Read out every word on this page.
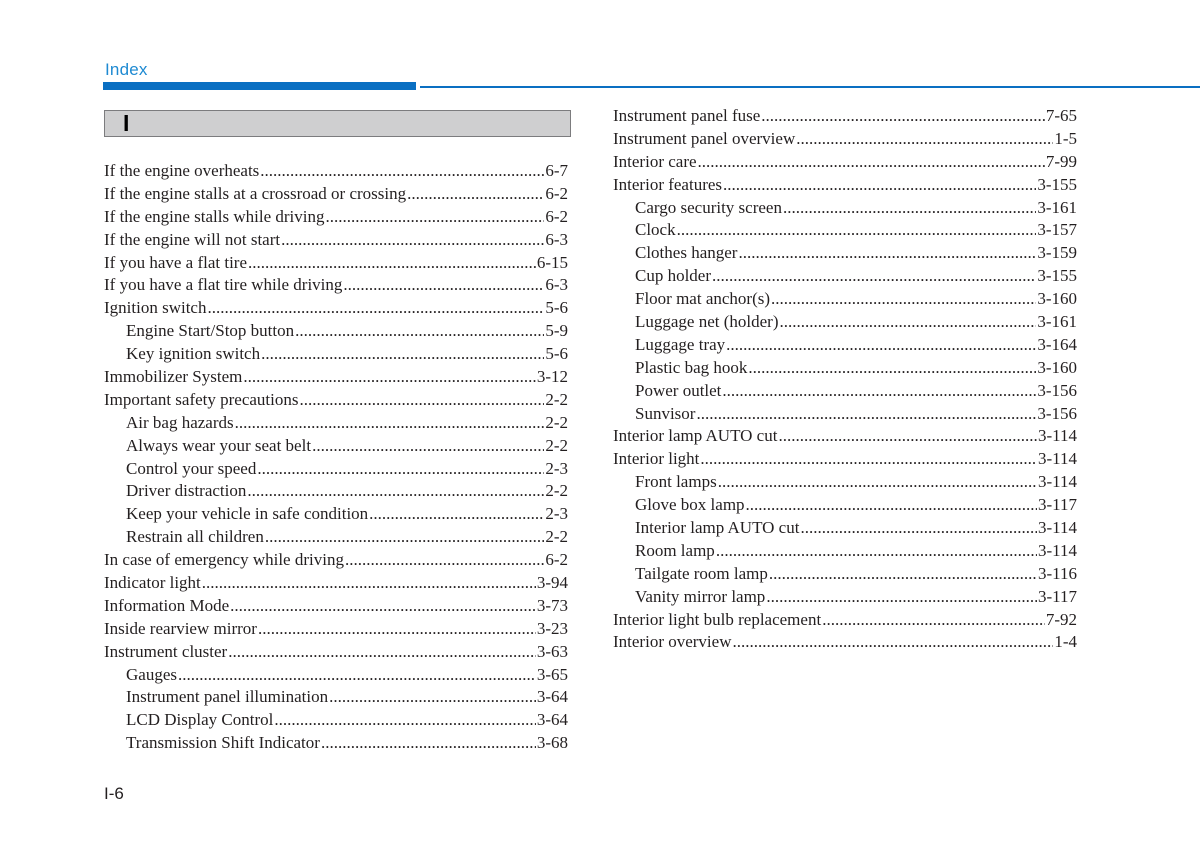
Index
I
If the engine overheats .....	6-7
If the engine stalls at a crossroad or crossing .....	6-2
If the engine stalls while driving .....	6-2
If the engine will not start .....	6-3
If you have a flat tire .....	6-15
If you have a flat tire while driving .....	6-3
Ignition switch .....	5-6
Engine Start/Stop button .....	5-9
Key ignition switch .....	5-6
Immobilizer System .....	3-12
Important safety precautions .....	2-2
Air bag hazards .....	2-2
Always wear your seat belt .....	2-2
Control your speed .....	2-3
Driver distraction .....	2-2
Keep your vehicle in safe condition .....	2-3
Restrain all children .....	2-2
In case of emergency while driving .....	6-2
Indicator light .....	3-94
Information Mode .....	3-73
Inside rearview mirror .....	3-23
Instrument cluster .....	3-63
Gauges .....	3-65
Instrument panel illumination .....	3-64
LCD Display Control .....	3-64
Transmission Shift Indicator .....	3-68
Instrument panel fuse .....	7-65
Instrument panel overview .....	1-5
Interior care .....	7-99
Interior features .....	3-155
Cargo security screen .....	3-161
Clock .....	3-157
Clothes hanger .....	3-159
Cup holder .....	3-155
Floor mat anchor(s) .....	3-160
Luggage net (holder) .....	3-161
Luggage tray .....	3-164
Plastic bag hook .....	3-160
Power outlet .....	3-156
Sunvisor .....	3-156
Interior lamp AUTO cut .....	3-114
Interior light .....	3-114
Front lamps .....	3-114
Glove box lamp .....	3-117
Interior lamp AUTO cut .....	3-114
Room lamp .....	3-114
Tailgate room lamp .....	3-116
Vanity mirror lamp .....	3-117
Interior light bulb replacement .....	7-92
Interior overview .....	1-4
I-6
